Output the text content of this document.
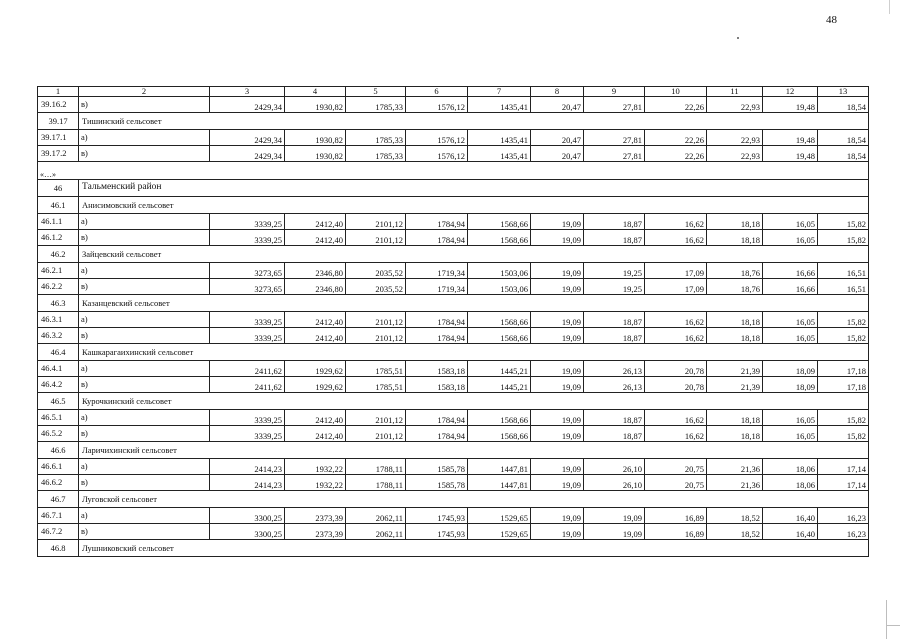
48
1	2	3	4	5	6	7	8	9	10	11	12	13
39.16.2	в)	2429,34	1930,82	1785,33	1576,12	1435,41	20,47	27,81	22,26	22,93	19,48	18,54
39.17	Тишинский сельсовет											
39.17.1	а)	2429,34	1930,82	1785,33	1576,12	1435,41	20,47	27,81	22,26	22,93	19,48	18,54
39.17.2	в)	2429,34	1930,82	1785,33	1576,12	1435,41	20,47	27,81	22,26	22,93	19,48	18,54
«…»												
46	Тальменский район											
46.1	Анисимовский сельсовет											
46.1.1	а)	3339,25	2412,40	2101,12	1784,94	1568,66	19,09	18,87	16,62	18,18	16,05	15,82
46.1.2	в)	3339,25	2412,40	2101,12	1784,94	1568,66	19,09	18,87	16,62	18,18	16,05	15,82
46.2	Зайцевский сельсовет											
46.2.1	а)	3273,65	2346,80	2035,52	1719,34	1503,06	19,09	19,25	17,09	18,76	16,66	16,51
46.2.2	в)	3273,65	2346,80	2035,52	1719,34	1503,06	19,09	19,25	17,09	18,76	16,66	16,51
46.3	Казанцевский сельсовет											
46.3.1	а)	3339,25	2412,40	2101,12	1784,94	1568,66	19,09	18,87	16,62	18,18	16,05	15,82
46.3.2	в)	3339,25	2412,40	2101,12	1784,94	1568,66	19,09	18,87	16,62	18,18	16,05	15,82
46.4	Кашкарагаихинский сельсовет											
46.4.1	а)	2411,62	1929,62	1785,51	1583,18	1445,21	19,09	26,13	20,78	21,39	18,09	17,18
46.4.2	в)	2411,62	1929,62	1785,51	1583,18	1445,21	19,09	26,13	20,78	21,39	18,09	17,18
46.5	Курочкинский сельсовет											
46.5.1	а)	3339,25	2412,40	2101,12	1784,94	1568,66	19,09	18,87	16,62	18,18	16,05	15,82
46.5.2	в)	3339,25	2412,40	2101,12	1784,94	1568,66	19,09	18,87	16,62	18,18	16,05	15,82
46.6	Ларичихинский сельсовет											
46.6.1	а)	2414,23	1932,22	1788,11	1585,78	1447,81	19,09	26,10	20,75	21,36	18,06	17,14
46.6.2	в)	2414,23	1932,22	1788,11	1585,78	1447,81	19,09	26,10	20,75	21,36	18,06	17,14
46.7	Луговской сельсовет											
46.7.1	а)	3300,25	2373,39	2062,11	1745,93	1529,65	19,09	19,09	16,89	18,52	16,40	16,23
46.7.2	в)	3300,25	2373,39	2062,11	1745,93	1529,65	19,09	19,09	16,89	18,52	16,40	16,23
46.8	Лушниковский сельсовет											
